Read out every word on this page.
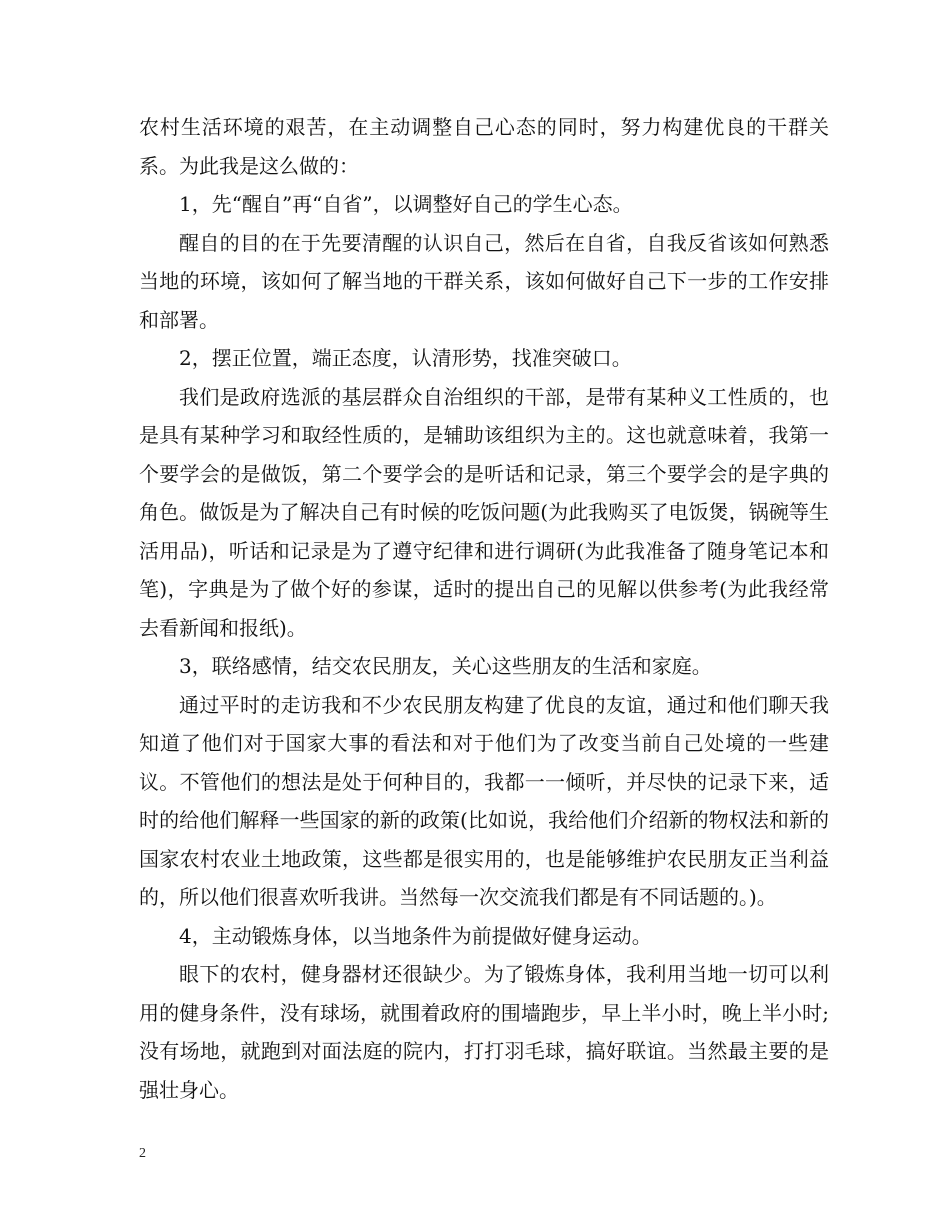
农村生活环境的艰苦，在主动调整自己心态的同时，努力构建优良的干群关系。为此我是这么做的：

1，先“醒自”再“自省”，以调整好自己的学生心态。

醒自的目的在于先要清醒的认识自己，然后在自省，自我反省该如何熟悉当地的环境，该如何了解当地的干群关系，该如何做好自己下一步的工作安排和部署。

2，摆正位置，端正态度，认清形势，找准突破口。

我们是政府选派的基层群众自治组织的干部，是带有某种义工性质的，也是具有某种学习和取经性质的，是辅助该组织为主的。这也就意味着，我第一个要学会的是做饭，第二个要学会的是听话和记录，第三个要学会的是字典的角色。做饭是为了解决自己有时候的吃饭问题(为此我购买了电饭煲，锅碗等生活用品)，听话和记录是为了遵守纪律和进行调研(为此我准备了随身笔记本和笔)，字典是为了做个好的参谋，适时的提出自己的见解以供参考(为此我经常去看新闻和报纸)。

3，联络感情，结交农民朋友，关心这些朋友的生活和家庭。

通过平时的走访我和不少农民朋友构建了优良的友谊，通过和他们聊天我知道了他们对于国家大事的看法和对于他们为了改变当前自己处境的一些建议。不管他们的想法是处于何种目的，我都一一倾听，并尽快的记录下来，适时的给他们解释一些国家的新的政策(比如说，我给他们介绍新的物权法和新的国家农村农业土地政策，这些都是很实用的，也是能够维护农民朋友正当利益的，所以他们很喜欢听我讲。当然每一次交流我们都是有不同话题的。)。

4，主动锻炼身体，以当地条件为前提做好健身运动。

眼下的农村，健身器材还很缺少。为了锻炼身体，我利用当地一切可以利用的健身条件，没有球场，就围着政府的围墙跑步，早上半小时，晚上半小时;没有场地，就跑到对面法庭的院内，打打羽毛球，搞好联谊。当然最主要的是强壮身心。

2
